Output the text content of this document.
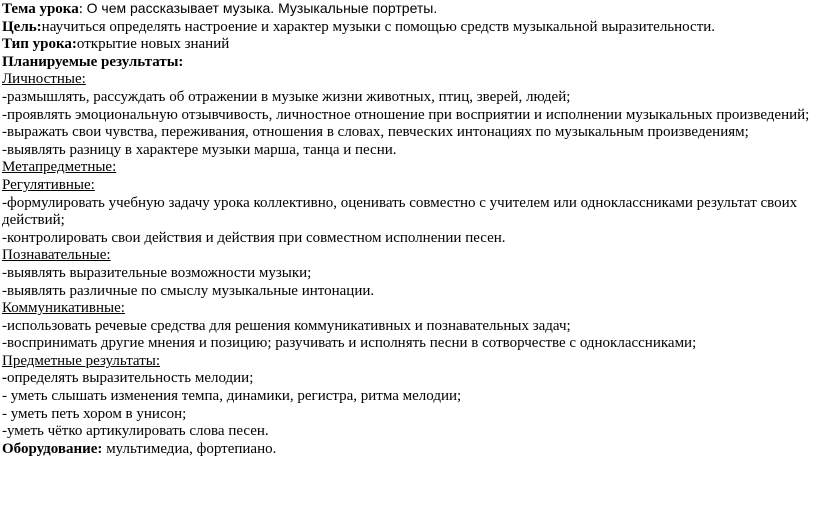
Тема урока: О чем рассказывает музыка. Музыкальные портреты.

Цель:научиться определять настроение и характер музыки с помощью средств музыкальной выразительности.

Тип урока:открытие новых знаний

Планируемые результаты:

Личностные:

-размышлять, рассуждать об отражении в музыке жизни животных, птиц, зверей, людей;

-проявлять эмоциональную отзывчивость, личностное отношение при восприятии и исполнении музыкальных произведений;

-выражать свои чувства, переживания, отношения в словах, певческих интонациях по музыкальным произведениям;

-выявлять разницу в характере музыки марша, танца и песни.

Метапредметные:

Регулятивные:

-формулировать учебную задачу урока коллективно, оценивать совместно с учителем или одноклассниками результат своих действий;

-контролировать свои действия и действия при совместном исполнении песен.

Познавательные:

-выявлять выразительные возможности музыки;

-выявлять различные по смыслу музыкальные интонации.

Коммуникативные:

-использовать речевые средства для решения коммуникативных и познавательных задач;

-воспринимать другие мнения и позицию; разучивать и исполнять песни в сотворчестве с одноклассниками;

Предметные результаты:

-определять выразительность мелодии;

- уметь слышать изменения темпа, динамики, регистра, ритма мелодии;

- уметь петь хором в унисон;

-уметь чётко артикулировать слова песен.

Оборудование: мультимедиа, фортепиано.
